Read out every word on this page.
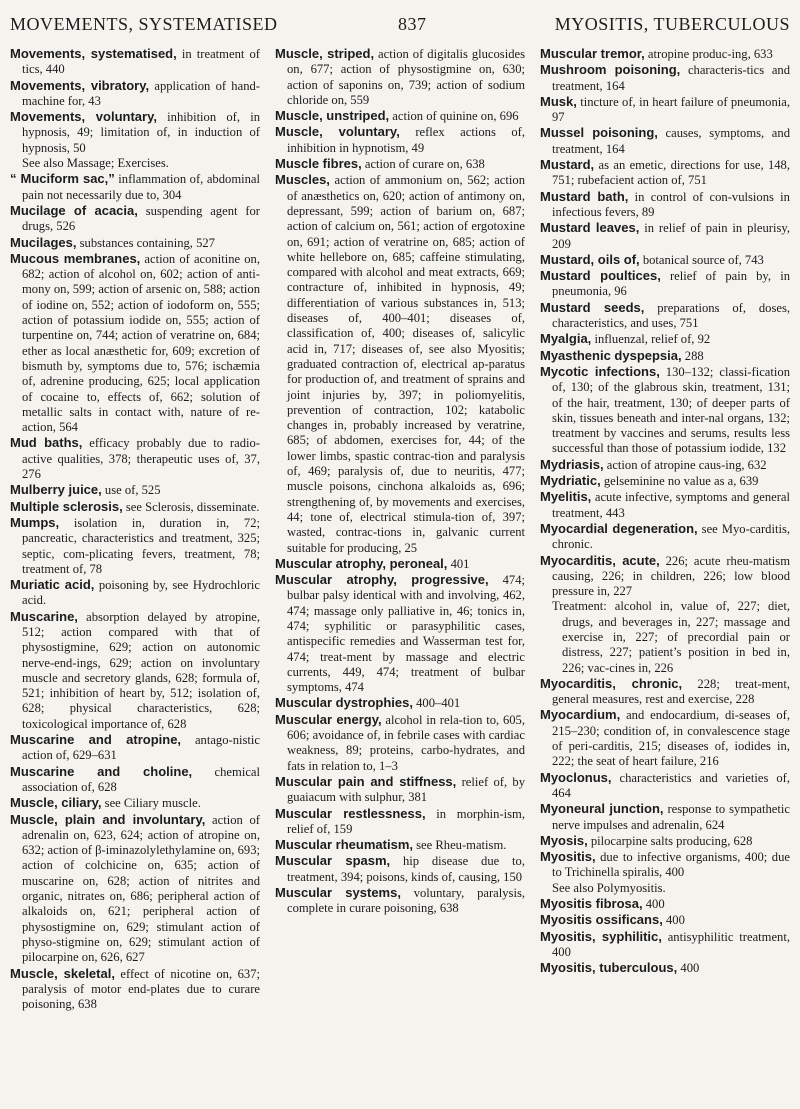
MOVEMENTS, SYSTEMATISED	837	MYOSITIS, TUBERCULOUS

Movements, systematised, in treatment of tics, 440

Movements, vibratory, application of hand-machine for, 43

Movements, voluntary, inhibition of, in hypnosis, 49; limitation of, in induction of hypnosis, 50

See also Massage; Exercises.

“ Muciform sac,” inflammation of, abdominal pain not necessarily due to, 304

Mucilage of acacia, suspending agent for drugs, 526

Mucilages, substances containing, 527

Mucous membranes, action of aconitine on, 682; action of alcohol on, 602; action of anti-mony on, 599; action of arsenic on, 588; action of iodine on, 552; action of iodoform on, 555; action of potassium iodide on, 555; action of turpentine on, 744; action of veratrine on, 684; ether as local anæsthetic for, 609; excretion of bismuth by, symptoms due to, 576; ischæmia of, adrenine producing, 625; local application of cocaine to, effects of, 662; solution of metallic salts in contact with, nature of re-action, 564

Mud baths, efficacy probably due to radio-active qualities, 378; therapeutic uses of, 37, 276

Mulberry juice, use of, 525

Multiple sclerosis, see Sclerosis, disseminate.

Mumps, isolation in, duration in, 72; pancreatic, characteristics and treatment, 325; septic, com-plicating fevers, treatment, 78; treatment of, 78

Muriatic acid, poisoning by, see Hydrochloric acid.

Muscarine, absorption delayed by atropine, 512; action compared with that of physostigmine, 629; action on autonomic nerve-end-ings, 629; action on involuntary muscle and secretory glands, 628; formula of, 521; inhibition of heart by, 512; isolation of, 628; physical characteristics, 628; toxicological importance of, 628

Muscarine and atropine, antago-nistic action of, 629–631

Muscarine and choline, chemical association of, 628

Muscle, ciliary, see Ciliary muscle.

Muscle, plain and involuntary, action of adrenalin on, 623, 624; action of atropine on, 632; action of β-iminazolylethylamine on, 693; action of colchicine on, 635; action of muscarine on, 628; action of nitrites and organic, nitrates on, 686; peripheral action of alkaloids on, 621; peripheral action of physostigmine on, 629; stimulant action of physo-stigmine on, 629; stimulant action of pilocarpine on, 626, 627

Muscle, skeletal, effect of nicotine on, 637; paralysis of motor end-plates due to curare poisoning, 638

Muscle, striped, action of digitalis glucosides on, 677; action of physostigmine on, 630; action of saponins on, 739; action of sodium chloride on, 559

Muscle, unstriped, action of quinine on, 696

Muscle, voluntary, reflex actions of, inhibition in hypnotism, 49

Muscle fibres, action of curare on, 638

Muscles, action of ammonium on, 562; action of anæsthetics on, 620; action of antimony on, depressant, 599; action of barium on, 687; action of calcium on, 561; action of ergotoxine on, 691; action of veratrine on, 685; action of white hellebore on, 685; caffeine stimulating, compared with alcohol and meat extracts, 669; contracture of, inhibited in hypnosis, 49; differentiation of various substances in, 513; diseases of, 400–401; diseases of, classification of, 400; diseases of, salicylic acid in, 717; diseases of, see also Myositis; graduated contraction of, electrical ap-paratus for production of, and treatment of sprains and joint injuries by, 397; in poliomyelitis, prevention of contraction, 102; katabolic changes in, probably increased by veratrine, 685; of abdomen, exercises for, 44; of the lower limbs, spastic contrac-tion and paralysis of, 469; paralysis of, due to neuritis, 477; muscle poisons, cinchona alkaloids as, 696; strengthening of, by movements and exercises, 44; tone of, electrical stimula-tion of, 397; wasted, contrac-tions in, galvanic current suitable for producing, 25

Muscular atrophy, peroneal, 401

Muscular atrophy, progressive, 474; bulbar palsy identical with and involving, 462, 474; massage only palliative in, 46; tonics in, 474; syphilitic or parasyphilitic cases, antispecific remedies and Wasserman test for, 474; treat-ment by massage and electric currents, 449, 474; treatment of bulbar symptoms, 474

Muscular dystrophies, 400–401

Muscular energy, alcohol in rela-tion to, 605, 606; avoidance of, in febrile cases with cardiac weakness, 89; proteins, carbo-hydrates, and fats in relation to, 1–3

Muscular pain and stiffness, relief of, by guaiacum with sulphur, 381

Muscular restlessness, in morphin-ism, relief of, 159

Muscular rheumatism, see Rheu-matism.

Muscular spasm, hip disease due to, treatment, 394; poisons, kinds of, causing, 150

Muscular systems, voluntary, paralysis, complete in curare poisoning, 638

Muscular tremor, atropine produc-ing, 633

Mushroom poisoning, characteris-tics and treatment, 164

Musk, tincture of, in heart failure of pneumonia, 97

Mussel poisoning, causes, symptoms, and treatment, 164

Mustard, as an emetic, directions for use, 148, 751; rubefacient action of, 751

Mustard bath, in control of con-vulsions in infectious fevers, 89

Mustard leaves, in relief of pain in pleurisy, 209

Mustard, oils of, botanical source of, 743

Mustard poultices, relief of pain by, in pneumonia, 96

Mustard seeds, preparations of, doses, characteristics, and uses, 751

Myalgia, influenzal, relief of, 92

Myasthenic dyspepsia, 288

Mycotic infections, 130–132; classi-fication of, 130; of the glabrous skin, treatment, 131; of the hair, treatment, 130; of deeper parts of skin, tissues beneath and inter-nal organs, 132; treatment by vaccines and serums, results less successful than those of potassium iodide, 132

Mydriasis, action of atropine caus-ing, 632

Mydriatic, gelseminine no value as a, 639

Myelitis, acute infective, symptoms and general treatment, 443

Myocardial degeneration, see Myo-carditis, chronic.

Myocarditis, acute, 226; acute rheu-matism causing, 226; in children, 226; low blood pressure in, 227

Treatment: alcohol in, value of, 227; diet, drugs, and beverages in, 227; massage and exercise in, 227; of precordial pain or distress, 227; patient’s position in bed in, 226; vac-cines in, 226

Myocarditis, chronic, 228; treat-ment, general measures, rest and exercise, 228

Myocardium, and endocardium, di-seases of, 215–230; condition of, in convalescence stage of peri-carditis, 215; diseases of, iodides in, 222; the seat of heart failure, 216

Myoclonus, characteristics and varieties of, 464

Myoneural junction, response to sympathetic nerve impulses and adrenalin, 624

Myosis, pilocarpine salts producing, 628

Myositis, due to infective organisms, 400; due to Trichinella spiralis, 400

See also Polymyositis.

Myositis fibrosa, 400

Myositis ossificans, 400

Myositis, syphilitic, antisyphilitic treatment, 400

Myositis, tuberculous, 400
